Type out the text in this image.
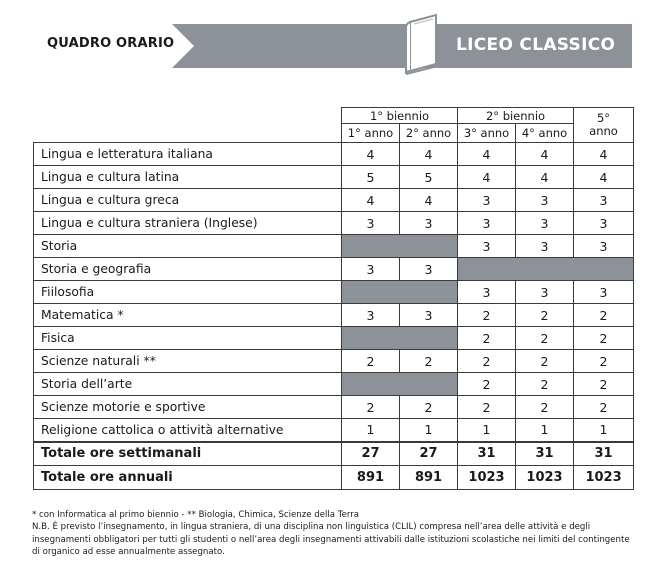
QUADRO ORARIO	LICEO CLASSICO
	1° biennio		2° biennio		5°
anno
	1° anno	2° anno	3° anno	4° anno	
Lingua e letteratura italiana	4	4	4	4	4
Lingua e cultura latina	5	5	4	4	4
Lingua e cultura greca	4	4	3	3	3
Lingua e cultura straniera (Inglese)	3	3	3	3	3
Storia			3	3	3
Storia e geografia	3	3			
Fiilosofia			3	3	3
Matematica *	3	3	2	2	2
Fisica			2	2	2
Scienze naturali **	2	2	2	2	2
Storia dell’arte			2	2	2
Scienze motorie e sportive	2	2	2	2	2
Religione cattolica o attività alternative	1	1	1	1	1
Totale ore settimanali	27	27	31	31	31
Totale ore annuali	891	891	1023	1023	1023
* con Informatica al primo biennio - ** Biologia, Chimica, Scienze della Terra
N.B. È previsto l’insegnamento, in lingua straniera, di una disciplina non linguistica (CLIL) compresa nell’area delle attività e degli insegnamenti obbligatori per tutti gli studenti o nell’area degli insegnamenti attivabili dalle istituzioni scolastiche nei limiti del contingente di organico ad esse annualmente assegnato.
